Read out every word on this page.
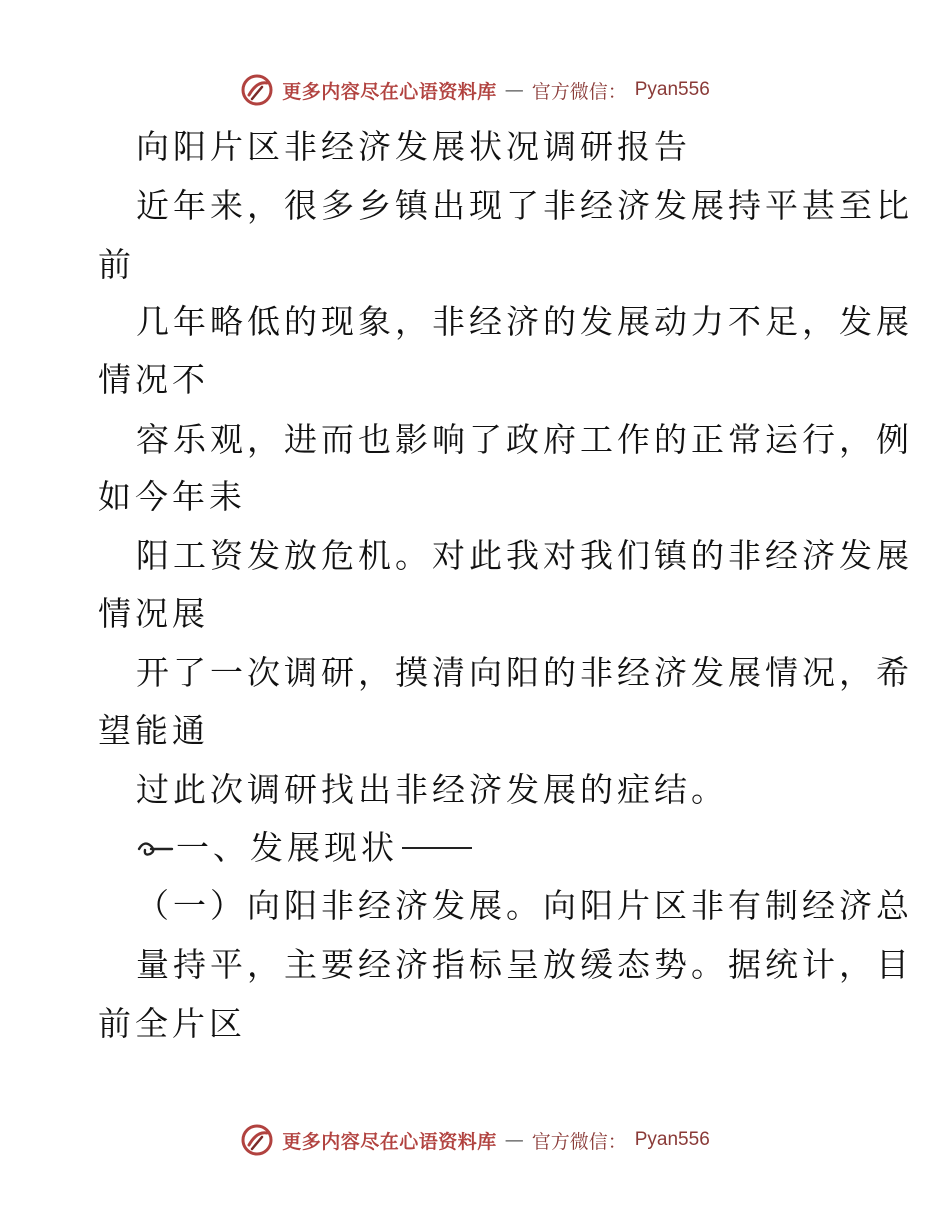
更多内容尽在心语资料库 — 官方微信： Pyan556
向阳片区非经济发展状况调研报告
近年来，很多乡镇出现了非经济发展持平甚至比
前
几年略低的现象，非经济的发展动力不足，发展
情况不
容乐观，进而也影响了政府工作的正常运行，例
如今年耒
阳工资发放危机。对此我对我们镇的非经济发展
情况展
开了一次调研，摸清向阳的非经济发展情况，希
望能通
过此次调研找出非经济发展的症结。
一、发展现状
（一）向阳非经济发展。向阳片区非有制经济总
量持平，主要经济指标呈放缓态势。据统计，目
前全片区
更多内容尽在心语资料库 — 官方微信： Pyan556
